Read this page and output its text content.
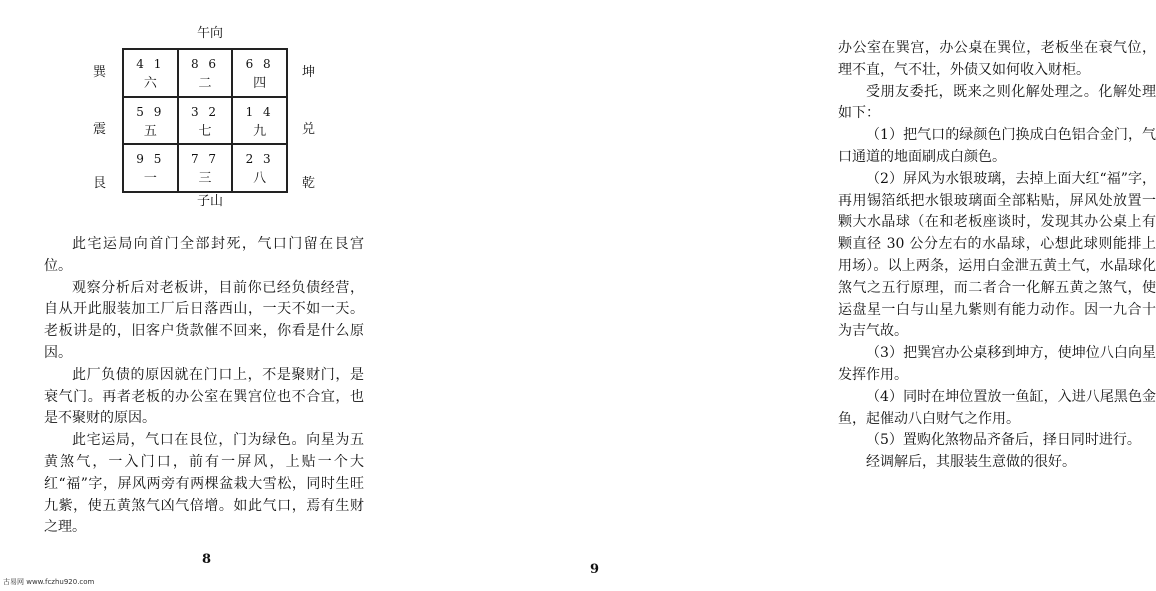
午向
巽
震
艮
坤
兑
乾
4 1
六
8 6
二
6 8
四
5 9
五
3 2
七
1 4
九
9 5
一
7 7
三
2 3
八
子山

此宅运局向首门全部封死，气口门留在艮宫位。

观察分析后对老板讲，目前你已经负债经营，自从开此服装加工厂后日落西山，一天不如一天。老板讲是的，旧客户货款催不回来，你看是什么原因。

此厂负债的原因就在门口上，不是聚财门，是衰气门。再者老板的办公室在巽宫位也不合宜，也是不聚财的原因。

此宅运局，气口在艮位，门为绿色。向星为五黄煞气，一入门口，前有一屏风，上贴一个大红“福”字，屏风两旁有两棵盆栽大雪松，同时生旺九紫，使五黄煞气凶气倍增。如此气口，焉有生财之理。

8

办公室在巽宫，办公桌在巽位，老板坐在衰气位，理不直，气不壮，外债又如何收入财柜。

受朋友委托，既来之则化解处理之。化解处理如下：

（1）把气口的绿颜色门换成白色铝合金门，气口通道的地面刷成白颜色。

（2）屏风为水银玻璃，去掉上面大红“福”字，再用锡箔纸把水银玻璃面全部粘贴，屏风处放置一颗大水晶球（在和老板座谈时，发现其办公桌上有颗直径 30 公分左右的水晶球，心想此球则能排上用场）。以上两条，运用白金泄五黄土气，水晶球化煞气之五行原理，而二者合一化解五黄之煞气，使运盘星一白与山星九紫则有能力动作。因一九合十为吉气故。

（3）把巽宫办公桌移到坤方，使坤位八白向星发挥作用。

（4）同时在坤位置放一鱼缸，入进八尾黑色金鱼，起催动八白财气之作用。

（5）置购化煞物品齐备后，择日同时进行。

经调解后，其服装生意做的很好。

9
古易网 www.fczhu920.com
